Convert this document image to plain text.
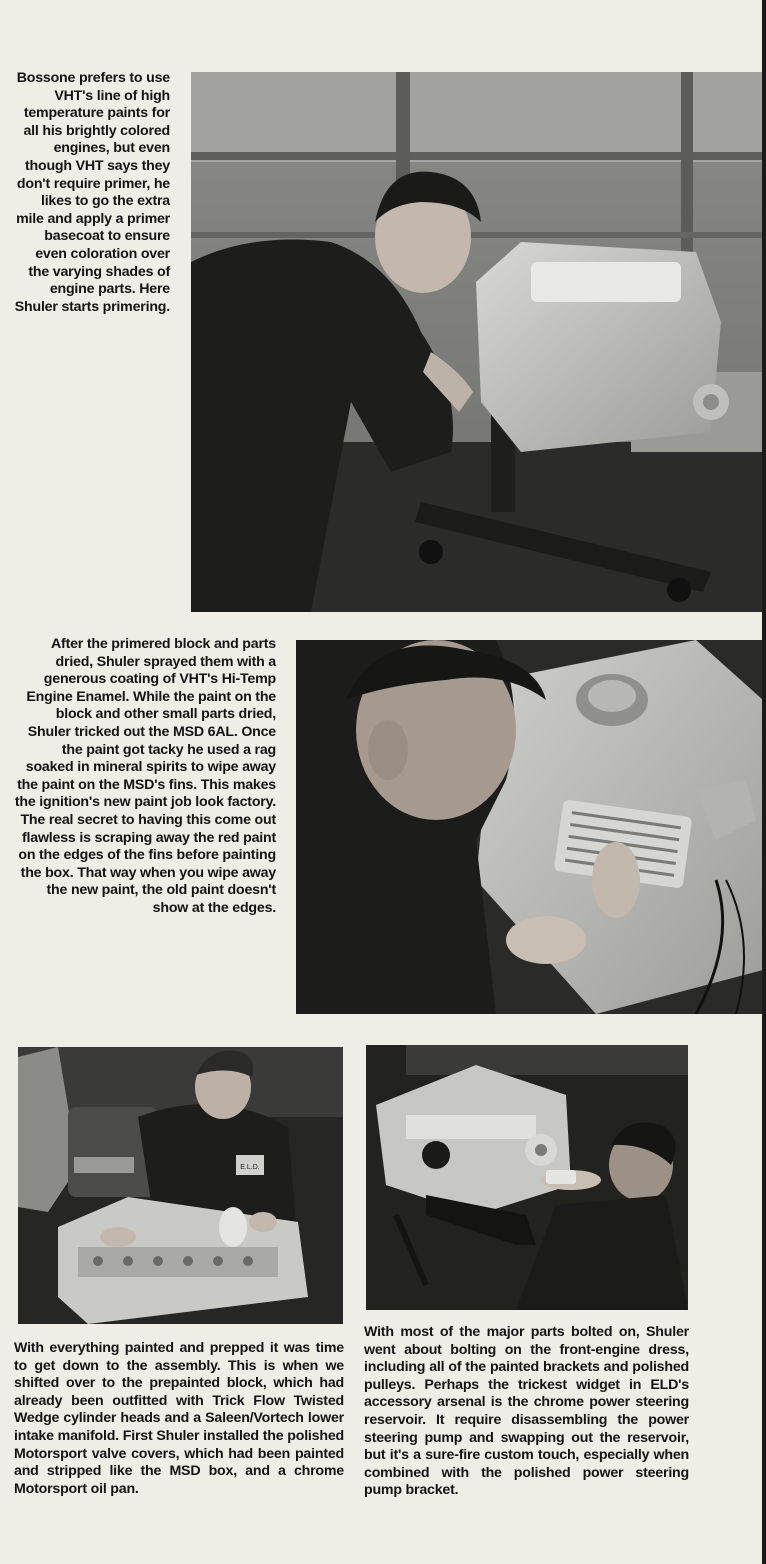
Bossone prefers to use VHT's line of high temperature paints for all his brightly colored engines, but even though VHT says they don't require primer, he likes to go the extra mile and apply a primer basecoat to ensure even coloration over the varying shades of engine parts. Here Shuler starts primering.

After the primered block and parts dried, Shuler sprayed them with a generous coating of VHT's Hi-Temp Engine Enamel. While the paint on the block and other small parts dried, Shuler tricked out the MSD 6AL. Once the paint got tacky he used a rag soaked in mineral spirits to wipe away the paint on the MSD's fins. This makes the ignition's new paint job look factory. The real secret to having this come out flawless is scraping away the red paint on the edges of the fins before painting the box. That way when you wipe away the new paint, the old paint doesn't show at the edges.

E.L.D.

With everything painted and prepped it was time to get down to the assembly. This is when we shifted over to the prepainted block, which had already been outfitted with Trick Flow Twisted Wedge cylinder heads and a Saleen/Vortech lower intake manifold. First Shuler installed the polished Motorsport valve covers, which had been painted and stripped like the MSD box, and a chrome Motorsport oil pan.

With most of the major parts bolted on, Shuler went about bolting on the front-engine dress, including all of the painted brackets and polished pulleys. Perhaps the trickest widget in ELD's accessory arsenal is the chrome power steering reservoir. It require disassembling the power steering pump and swapping out the reservoir, but it's a sure-fire custom touch, especially when combined with the polished power steering pump bracket.
